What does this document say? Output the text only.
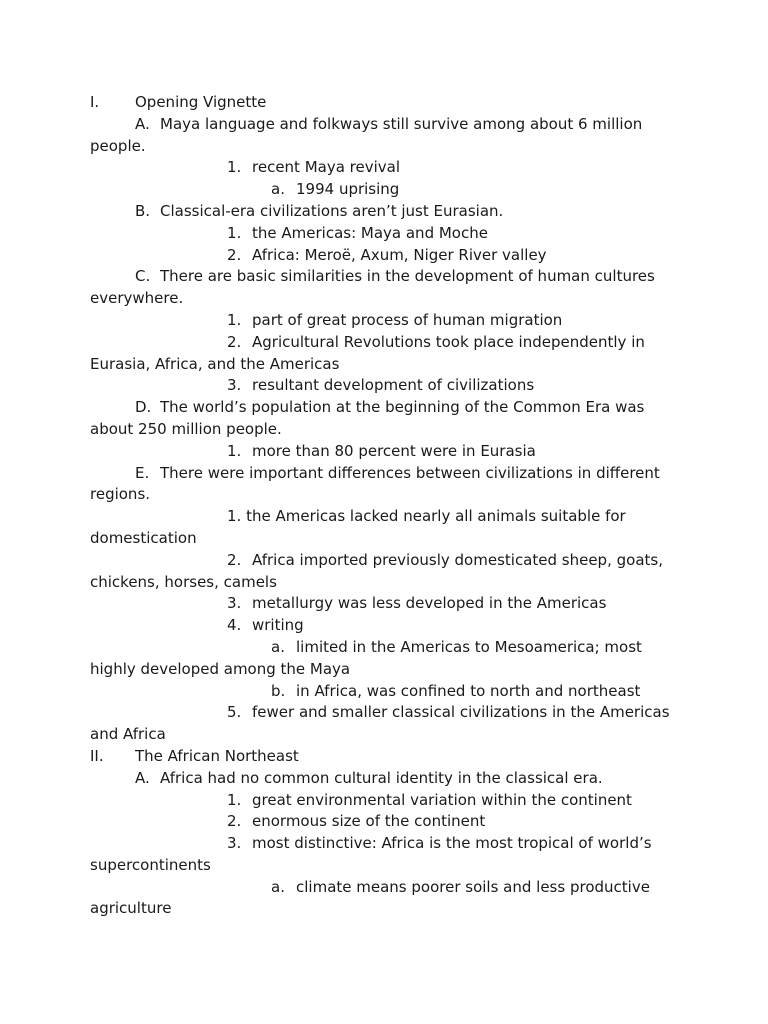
I. Opening Vignette
A. Maya language and folkways still survive among about 6 million
people.
1. recent Maya revival
a. 1994 uprising
B. Classical-era civilizations aren’t just Eurasian.
1. the Americas: Maya and Moche
2. Africa: Meroë, Axum, Niger River valley
C. There are basic similarities in the development of human cultures
everywhere.
1. part of great process of human migration
2. Agricultural Revolutions took place independently in
Eurasia, Africa, and the Americas
3. resultant development of civilizations
D. The world’s population at the beginning of the Common Era was
about 250 million people.
1. more than 80 percent were in Eurasia
E. There were important differences between civilizations in different
regions.
1. the Americas lacked nearly all animals suitable for
domestication
2. Africa imported previously domesticated sheep, goats,
chickens, horses, camels
3. metallurgy was less developed in the Americas
4. writing
a. limited in the Americas to Mesoamerica; most
highly developed among the Maya
b. in Africa, was confined to north and northeast
5. fewer and smaller classical civilizations in the Americas
and Africa
II. The African Northeast
A. Africa had no common cultural identity in the classical era.
1. great environmental variation within the continent
2. enormous size of the continent
3. most distinctive: Africa is the most tropical of world’s
supercontinents
a. climate means poorer soils and less productive
agriculture
